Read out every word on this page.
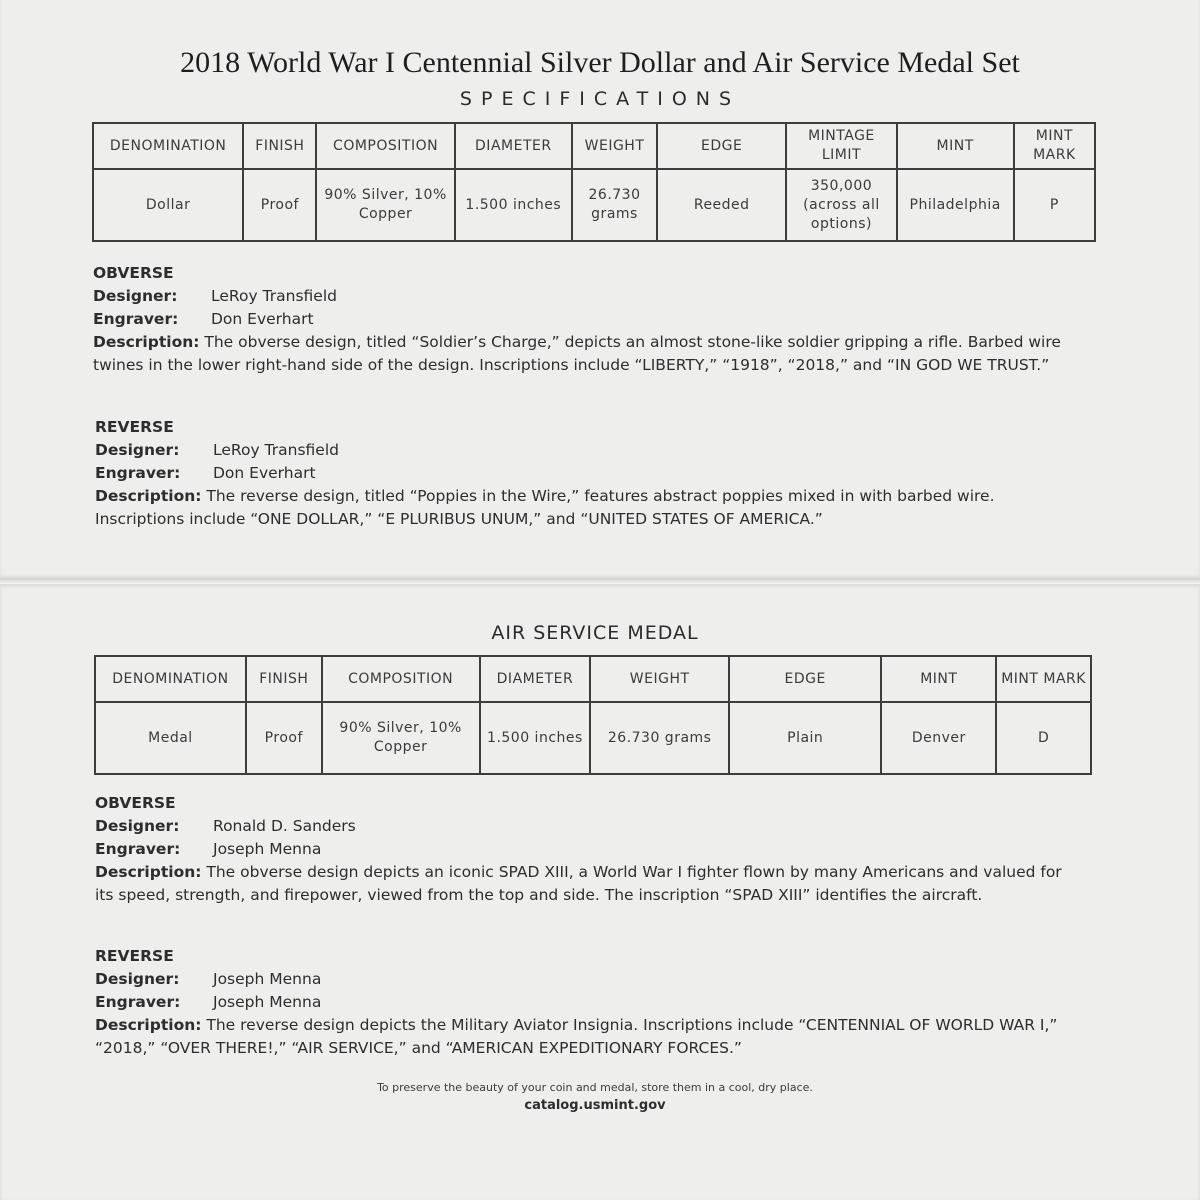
2018 World War I Centennial Silver Dollar and Air Service Medal Set
SPECIFICATIONS
DENOMINATION	FINISH	COMPOSITION	DIAMETER	WEIGHT	EDGE	MINTAGE LIMIT	MINT	MINT MARK
Dollar	Proof	90% Silver, 10% Copper	1.500 inches	26.730 grams	Reeded	350,000 (across all options)	Philadelphia	P
OBVERSE
Designer:	LeRoy Transfield
Engraver:	Don Everhart

Description: The obverse design, titled “Soldier’s Charge,” depicts an almost stone-like soldier gripping a rifle. Barbed wire twines in the lower right-hand side of the design. Inscriptions include “LIBERTY,” “1918”, “2018,” and “IN GOD WE TRUST.”

REVERSE
Designer:	LeRoy Transfield
Engraver:	Don Everhart

Description: The reverse design, titled “Poppies in the Wire,” features abstract poppies mixed in with barbed wire. Inscriptions include “ONE DOLLAR,” “E PLURIBUS UNUM,” and “UNITED STATES OF AMERICA.”

AIR SERVICE MEDAL
DENOMINATION	FINISH	COMPOSITION	DIAMETER	WEIGHT	EDGE	MINT	MINT MARK
Medal	Proof	90% Silver, 10% Copper	1.500 inches	26.730 grams	Plain	Denver	D
OBVERSE
Designer:	Ronald D. Sanders
Engraver:	Joseph Menna

Description: The obverse design depicts an iconic SPAD XIII, a World War I fighter flown by many Americans and valued for its speed, strength, and firepower, viewed from the top and side. The inscription “SPAD XIII” identifies the aircraft.

REVERSE
Designer:	Joseph Menna
Engraver:	Joseph Menna

Description: The reverse design depicts the Military Aviator Insignia. Inscriptions include “CENTENNIAL OF WORLD WAR I,” “2018,” “OVER THERE!,” “AIR SERVICE,” and “AMERICAN EXPEDITIONARY FORCES.”

To preserve the beauty of your coin and medal, store them in a cool, dry place.
catalog.usmint.gov
